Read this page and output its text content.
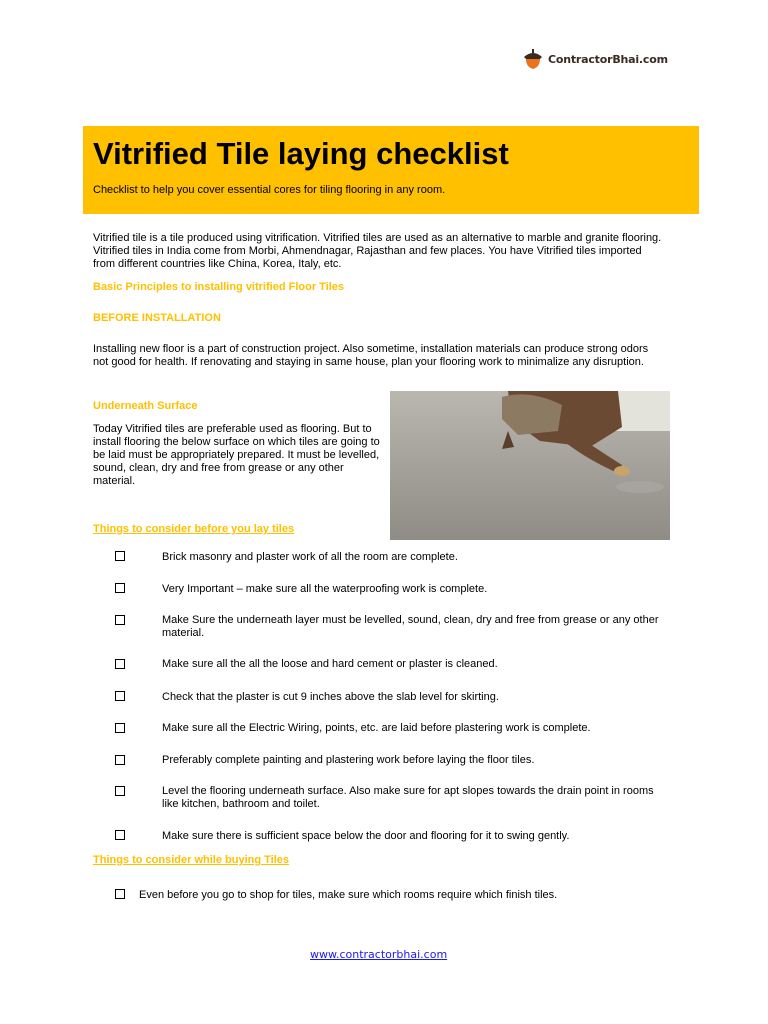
ContractorBhai.com
Vitrified Tile laying checklist
Checklist to help you cover essential cores for tiling flooring in any room.
Vitrified tile is a tile produced using vitrification. Vitrified tiles are used as an alternative to marble and granite flooring. Vitrified tiles in India come from Morbi, Ahmendnagar, Rajasthan and few places. You have Vitrified tiles imported from different countries like China, Korea, Italy, etc.
Basic Principles to installing vitrified Floor Tiles
BEFORE INSTALLATION
Installing new floor is a part of construction project. Also sometime, installation materials can produce strong odors not good for health. If renovating and staying in same house, plan your flooring work to minimalize any disruption.
Underneath Surface
Today Vitrified tiles are preferable used as flooring. But to install flooring the below surface on which tiles are going to be laid must be appropriately prepared. It must be levelled, sound, clean, dry and free from grease or any other material.
Things to consider before you lay tiles
Brick masonry and plaster work of all the room are complete.
Very Important – make sure all the waterproofing work is complete.
Make Sure the underneath layer must be levelled, sound, clean, dry and free from grease or any other material.
Make sure all the all the loose and hard cement or plaster is cleaned.
Check that the plaster is cut 9 inches above the slab level for skirting.
Make sure all the Electric Wiring, points, etc. are laid before plastering work is complete.
Preferably complete painting and plastering work before laying the floor tiles.
Level the flooring underneath surface. Also make sure for apt slopes towards the drain point in rooms like kitchen, bathroom and toilet.
Make sure there is sufficient space below the door and flooring for it to swing gently.
Things to consider while buying Tiles
Even before you go to shop for tiles, make sure which rooms require which finish tiles.
www.contractorbhai.com
